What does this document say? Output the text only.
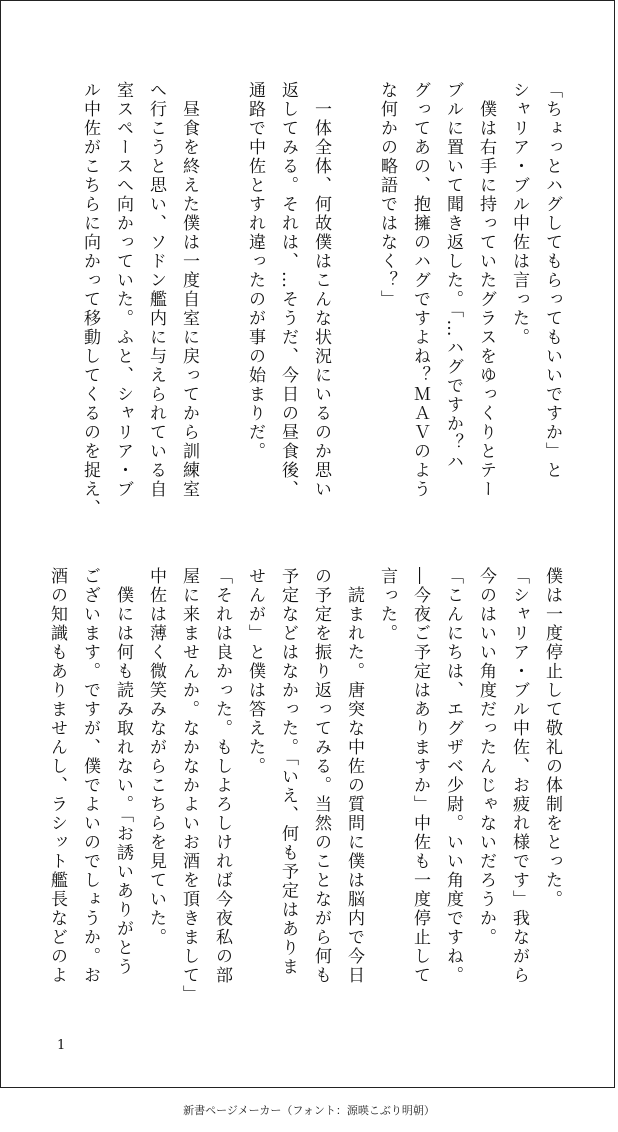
「ちょっとハグしてもらってもいいですか」と
シャリア・ブル中佐は言った。
　僕は右手に持っていたグラスをゆっくりとテー
ブルに置いて聞き返した。「…ハグですか？ハ
グってあの、抱擁のハグですよね？ＭＡＶのよう
な何かの略語ではなく？」

　一体全体、何故僕はこんな状況にいるのか思い
返してみる。それは、…そうだ、今日の昼食後、
通路で中佐とすれ違ったのが事の始まりだ。

　昼食を終えた僕は一度自室に戻ってから訓練室
へ行こうと思い、ソドン艦内に与えられている自
室スペースへ向かっていた。ふと、シャリア・ブ
ル中佐がこちらに向かって移動してくるのを捉え、
僕は一度停止して敬礼の体制をとった。
「シャリア・ブル中佐、お疲れ様です」我ながら
今のはいい角度だったんじゃないだろうか。
「こんにちは、エグザベ少尉。いい角度ですね。
―今夜ご予定はありますか」中佐も一度停止して
言った。
　読まれた。唐突な中佐の質問に僕は脳内で今日
の予定を振り返ってみる。当然のことながら何も
予定などはなかった。「いえ、何も予定はありま
せんが」と僕は答えた。
「それは良かった。もしよろしければ今夜私の部
屋に来ませんか。なかなかよいお酒を頂きまして」
中佐は薄く微笑みながらこちらを見ていた。
　僕には何も読み取れない。「お誘いありがとう
ございます。ですが、僕でよいのでしょうか。お
酒の知識もありませんし、ラシット艦長などのよ
1
新書ページメーカー（フォント：源暎こぶり明朝）
